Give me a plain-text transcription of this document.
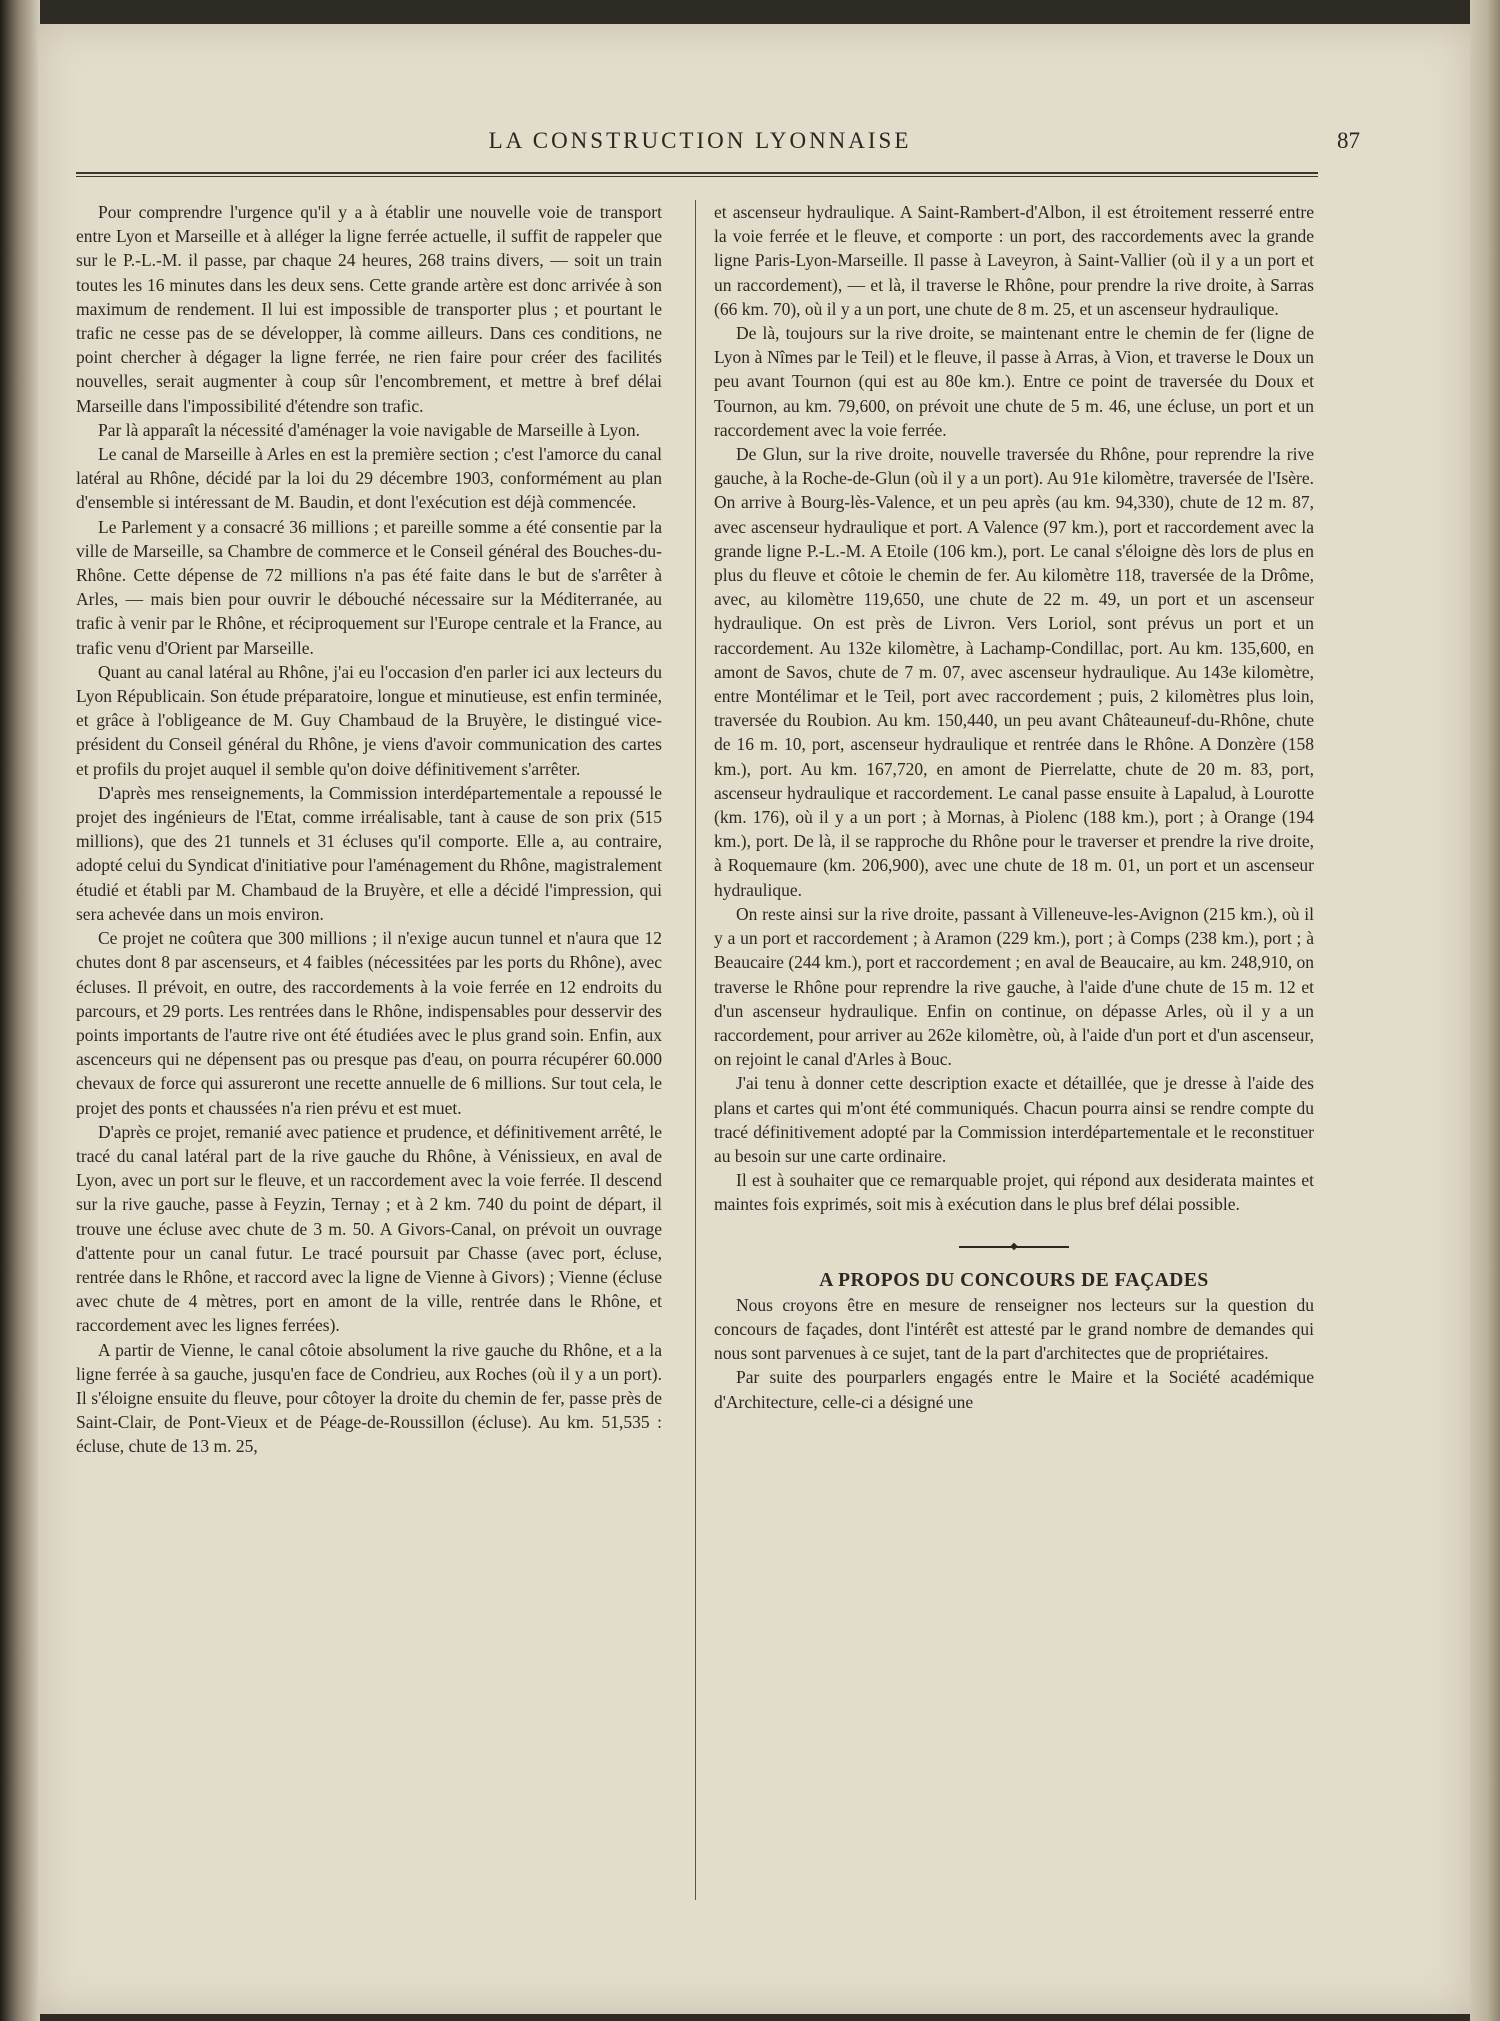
LA CONSTRUCTION LYONNAISE	87

Pour comprendre l'urgence qu'il y a à établir une nouvelle voie de transport entre Lyon et Marseille et à alléger la ligne ferrée actuelle, il suffit de rappeler que sur le P.-L.-M. il passe, par chaque 24 heures, 268 trains divers, — soit un train toutes les 16 minutes dans les deux sens. Cette grande artère est donc arrivée à son maximum de rendement. Il lui est impossible de transporter plus ; et pourtant le trafic ne cesse pas de se développer, là comme ailleurs. Dans ces conditions, ne point chercher à dégager la ligne ferrée, ne rien faire pour créer des facilités nouvelles, serait augmenter à coup sûr l'encombrement, et mettre à bref délai Marseille dans l'impossibilité d'étendre son trafic.

Par là apparaît la nécessité d'aménager la voie navigable de Marseille à Lyon.

Le canal de Marseille à Arles en est la première section ; c'est l'amorce du canal latéral au Rhône, décidé par la loi du 29 décembre 1903, conformément au plan d'ensemble si intéressant de M. Baudin, et dont l'exécution est déjà commencée.

Le Parlement y a consacré 36 millions ; et pareille somme a été consentie par la ville de Marseille, sa Chambre de commerce et le Conseil général des Bouches-du-Rhône. Cette dépense de 72 millions n'a pas été faite dans le but de s'arrêter à Arles, — mais bien pour ouvrir le débouché nécessaire sur la Méditerranée, au trafic à venir par le Rhône, et réciproquement sur l'Europe centrale et la France, au trafic venu d'Orient par Marseille.

Quant au canal latéral au Rhône, j'ai eu l'occasion d'en parler ici aux lecteurs du Lyon Républicain. Son étude préparatoire, longue et minutieuse, est enfin terminée, et grâce à l'obligeance de M. Guy Chambaud de la Bruyère, le distingué vice-président du Conseil général du Rhône, je viens d'avoir communication des cartes et profils du projet auquel il semble qu'on doive définitivement s'arrêter.

D'après mes renseignements, la Commission interdépartementale a repoussé le projet des ingénieurs de l'Etat, comme irréalisable, tant à cause de son prix (515 millions), que des 21 tunnels et 31 écluses qu'il comporte. Elle a, au contraire, adopté celui du Syndicat d'initiative pour l'aménagement du Rhône, magistralement étudié et établi par M. Chambaud de la Bruyère, et elle a décidé l'impression, qui sera achevée dans un mois environ.

Ce projet ne coûtera que 300 millions ; il n'exige aucun tunnel et n'aura que 12 chutes dont 8 par ascenseurs, et 4 faibles (nécessitées par les ports du Rhône), avec écluses. Il prévoit, en outre, des raccordements à la voie ferrée en 12 endroits du parcours, et 29 ports. Les rentrées dans le Rhône, indispensables pour desservir des points importants de l'autre rive ont été étudiées avec le plus grand soin. Enfin, aux ascenceurs qui ne dépensent pas ou presque pas d'eau, on pourra récupérer 60.000 chevaux de force qui assureront une recette annuelle de 6 millions. Sur tout cela, le projet des ponts et chaussées n'a rien prévu et est muet.

D'après ce projet, remanié avec patience et prudence, et définitivement arrêté, le tracé du canal latéral part de la rive gauche du Rhône, à Vénissieux, en aval de Lyon, avec un port sur le fleuve, et un raccordement avec la voie ferrée. Il descend sur la rive gauche, passe à Feyzin, Ternay ; et à 2 km. 740 du point de départ, il trouve une écluse avec chute de 3 m. 50. A Givors-Canal, on prévoit un ouvrage d'attente pour un canal futur. Le tracé poursuit par Chasse (avec port, écluse, rentrée dans le Rhône, et raccord avec la ligne de Vienne à Givors) ; Vienne (écluse avec chute de 4 mètres, port en amont de la ville, rentrée dans le Rhône, et raccordement avec les lignes ferrées).

A partir de Vienne, le canal côtoie absolument la rive gauche du Rhône, et a la ligne ferrée à sa gauche, jusqu'en face de Condrieu, aux Roches (où il y a un port). Il s'éloigne ensuite du fleuve, pour côtoyer la droite du chemin de fer, passe près de Saint-Clair, de Pont-Vieux et de Péage-de-Roussillon (écluse). Au km. 51,535 : écluse, chute de 13 m. 25,

et ascenseur hydraulique. A Saint-Rambert-d'Albon, il est étroitement resserré entre la voie ferrée et le fleuve, et comporte : un port, des raccordements avec la grande ligne Paris-Lyon-Marseille. Il passe à Laveyron, à Saint-Vallier (où il y a un port et un raccordement), — et là, il traverse le Rhône, pour prendre la rive droite, à Sarras (66 km. 70), où il y a un port, une chute de 8 m. 25, et un ascenseur hydraulique.

De là, toujours sur la rive droite, se maintenant entre le chemin de fer (ligne de Lyon à Nîmes par le Teil) et le fleuve, il passe à Arras, à Vion, et traverse le Doux un peu avant Tournon (qui est au 80e km.). Entre ce point de traversée du Doux et Tournon, au km. 79,600, on prévoit une chute de 5 m. 46, une écluse, un port et un raccordement avec la voie ferrée.

De Glun, sur la rive droite, nouvelle traversée du Rhône, pour reprendre la rive gauche, à la Roche-de-Glun (où il y a un port). Au 91e kilomètre, traversée de l'Isère. On arrive à Bourg-lès-Valence, et un peu après (au km. 94,330), chute de 12 m. 87, avec ascenseur hydraulique et port. A Valence (97 km.), port et raccordement avec la grande ligne P.-L.-M. A Etoile (106 km.), port. Le canal s'éloigne dès lors de plus en plus du fleuve et côtoie le chemin de fer. Au kilomètre 118, traversée de la Drôme, avec, au kilomètre 119,650, une chute de 22 m. 49, un port et un ascenseur hydraulique. On est près de Livron. Vers Loriol, sont prévus un port et un raccordement. Au 132e kilomètre, à Lachamp-Condillac, port. Au km. 135,600, en amont de Savos, chute de 7 m. 07, avec ascenseur hydraulique. Au 143e kilomètre, entre Montélimar et le Teil, port avec raccordement ; puis, 2 kilomètres plus loin, traversée du Roubion. Au km. 150,440, un peu avant Châteauneuf-du-Rhône, chute de 16 m. 10, port, ascenseur hydraulique et rentrée dans le Rhône. A Donzère (158 km.), port. Au km. 167,720, en amont de Pierrelatte, chute de 20 m. 83, port, ascenseur hydraulique et raccordement. Le canal passe ensuite à Lapalud, à Lourotte (km. 176), où il y a un port ; à Mornas, à Piolenc (188 km.), port ; à Orange (194 km.), port. De là, il se rapproche du Rhône pour le traverser et prendre la rive droite, à Roquemaure (km. 206,900), avec une chute de 18 m. 01, un port et un ascenseur hydraulique.

On reste ainsi sur la rive droite, passant à Villeneuve-les-Avignon (215 km.), où il y a un port et raccordement ; à Aramon (229 km.), port ; à Comps (238 km.), port ; à Beaucaire (244 km.), port et raccordement ; en aval de Beaucaire, au km. 248,910, on traverse le Rhône pour reprendre la rive gauche, à l'aide d'une chute de 15 m. 12 et d'un ascenseur hydraulique. Enfin on continue, on dépasse Arles, où il y a un raccordement, pour arriver au 262e kilomètre, où, à l'aide d'un port et d'un ascenseur, on rejoint le canal d'Arles à Bouc.

J'ai tenu à donner cette description exacte et détaillée, que je dresse à l'aide des plans et cartes qui m'ont été communiqués. Chacun pourra ainsi se rendre compte du tracé définitivement adopté par la Commission interdépartementale et le reconstituer au besoin sur une carte ordinaire.

Il est à souhaiter que ce remarquable projet, qui répond aux desiderata maintes et maintes fois exprimés, soit mis à exécution dans le plus bref délai possible.

◆

A PROPOS DU CONCOURS DE FAÇADES

Nous croyons être en mesure de renseigner nos lecteurs sur la question du concours de façades, dont l'intérêt est attesté par le grand nombre de demandes qui nous sont parvenues à ce sujet, tant de la part d'architectes que de propriétaires.

Par suite des pourparlers engagés entre le Maire et la Société académique d'Architecture, celle-ci a désigné une
